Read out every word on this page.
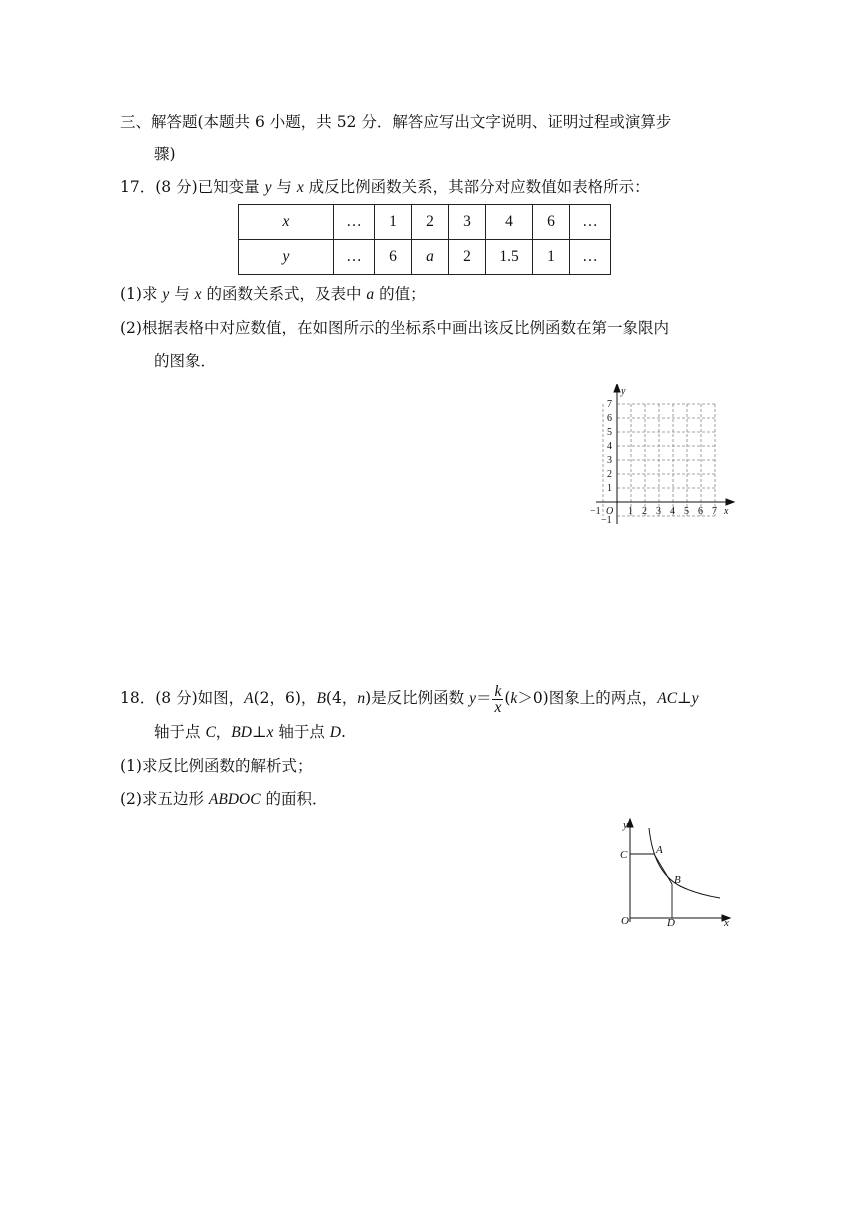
三、解答题(本题共 6 小题，共 52 分．解答应写出文字说明、证明过程或演算步
骤)
17．(8 分)已知变量 y 与 x 成反比例函数关系，其部分对应数值如表格所示：
x	…	1	2	3	4	6	…
y	…	6	a	2	1.5	1	…
(1)求 y 与 x 的函数关系式，及表中 a 的值；
(2)根据表格中对应数值，在如图所示的坐标系中画出该反比例函数在第一象限内
的图象．
7
6
5
4
3
2
1
−1
−1 O 1 2 3 4 5 6 7 x
y
18．(8 分)如图，A(2，6)，B(4，n)是反比例函数 $y= \frac{k}{x} (k>0)$图象上的两点，AC⊥y
轴于点 C，BD⊥x 轴于点 D.
(1)求反比例函数的解析式；
(2)求五边形 ABDOC 的面积．
y
C	A
B
O	D	x
